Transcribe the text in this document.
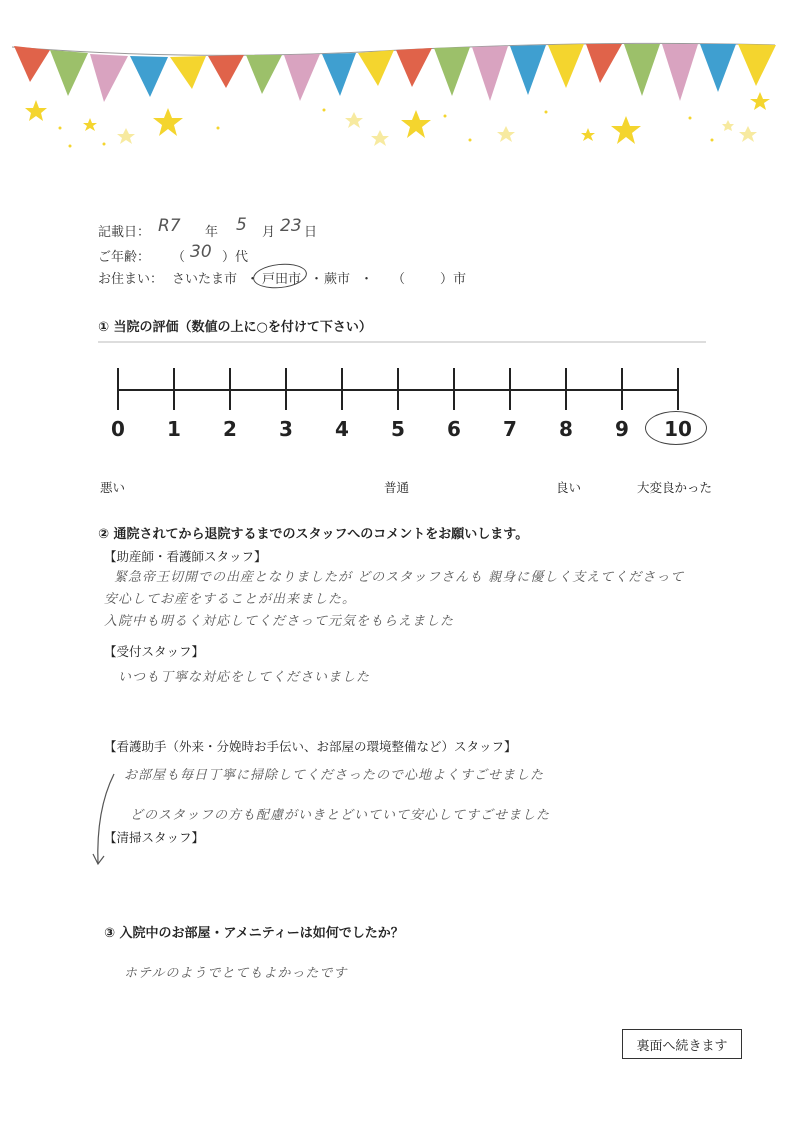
記載日： R7 年 5 月 23 日
ご年齢： （ 30 ）代
お住まい： さいたま市 ・ 戸田市 ・ 蕨市 ・ （	）市
① 当院の評価（数値の上に○を付けて下さい）
0	1	2	3	4	5	6	7	8	9	10
悪い	普通	良い	大変良かった
② 通院されてから退院するまでのスタッフへのコメントをお願いします。
【助産師・看護師スタッフ】
緊急帝王切開での出産となりましたが どのスタッフさんも 親身に優しく支えてくださって
安心してお産をすることが出来ました。
入院中も明るく対応してくださって元気をもらえました
【受付スタッフ】
いつも丁寧な対応をしてくださいました
【看護助手（外来・分娩時お手伝い、お部屋の環境整備など）スタッフ】
お部屋も毎日丁寧に掃除してくださったので心地よくすごせました
どのスタッフの方も配慮がいきとどいていて安心してすごせました
【清掃スタッフ】
③ 入院中のお部屋・アメニティーは如何でしたか？
ホテルのようでとてもよかったです
裏面へ続きます
